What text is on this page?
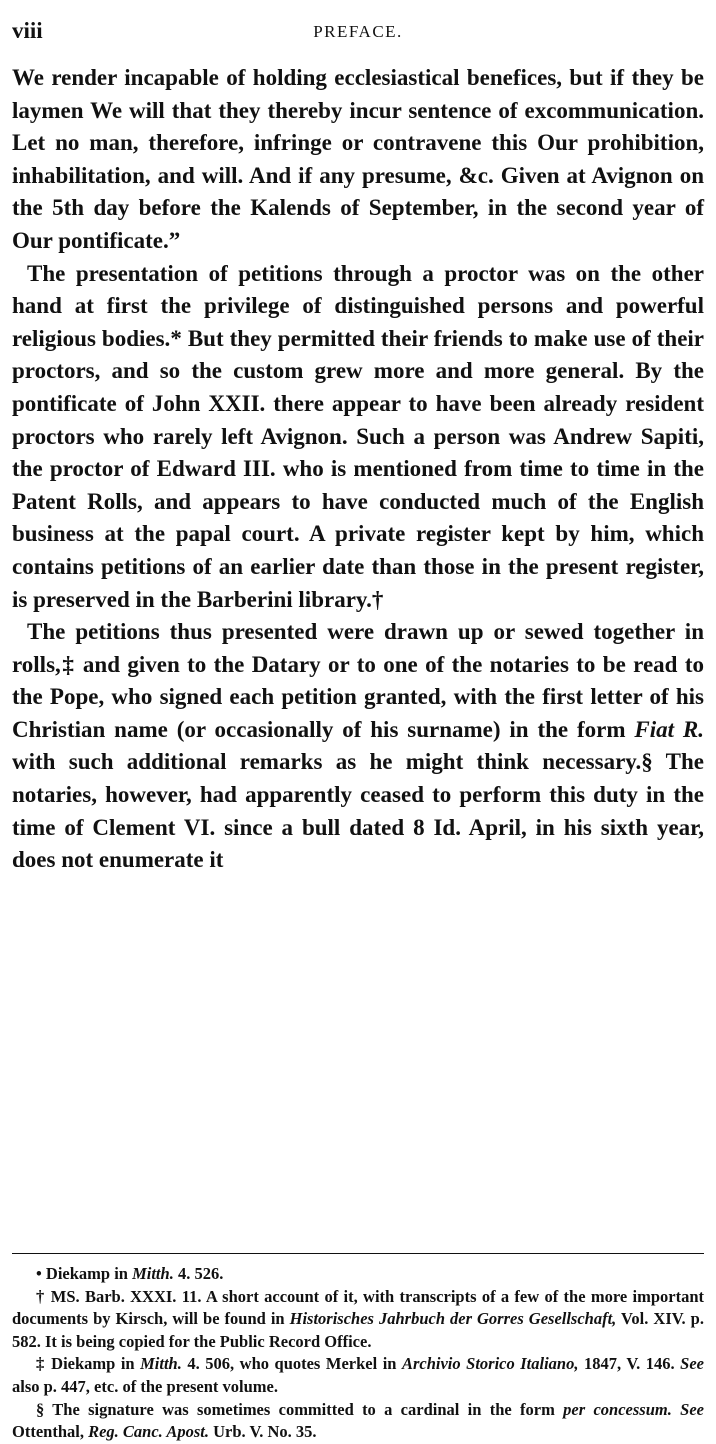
viii	PREFACE.

We render incapable of holding ecclesiastical benefices, but if they be laymen We will that they thereby incur sentence of excommunication. Let no man, therefore, infringe or contravene this Our prohibition, inhabilitation, and will. And if any presume, &c. Given at Avignon on the 5th day before the Kalends of September, in the second year of Our pontificate.”

The presentation of petitions through a proctor was on the other hand at first the privilege of distinguished persons and powerful religious bodies.* But they permitted their friends to make use of their proctors, and so the custom grew more and more general. By the pontificate of John XXII. there appear to have been already resident proctors who rarely left Avignon. Such a person was Andrew Sapiti, the proctor of Edward III. who is mentioned from time to time in the Patent Rolls, and appears to have conducted much of the English business at the papal court. A private register kept by him, which contains petitions of an earlier date than those in the present register, is preserved in the Barberini library.†

The petitions thus presented were drawn up or sewed together in rolls,‡ and given to the Datary or to one of the notaries to be read to the Pope, who signed each petition granted, with the first letter of his Christian name (or occasionally of his surname) in the form Fiat R. with such additional remarks as he might think necessary.§ The notaries, however, had apparently ceased to perform this duty in the time of Clement VI. since a bull dated 8 Id. April, in his sixth year, does not enumerate it

• Diekamp in Mitth. 4. 526.

† MS. Barb. XXXI. 11. A short account of it, with transcripts of a few of the more important documents by Kirsch, will be found in Historisches Jahrbuch der Gorres Gesellschaft, Vol. XIV. p. 582. It is being copied for the Public Record Office.

‡ Diekamp in Mitth. 4. 506, who quotes Merkel in Archivio Storico Italiano, 1847, V. 146. See also p. 447, etc. of the present volume.

§ The signature was sometimes committed to a cardinal in the form per concessum. See Ottenthal, Reg. Canc. Apost. Urb. V. No. 35.
